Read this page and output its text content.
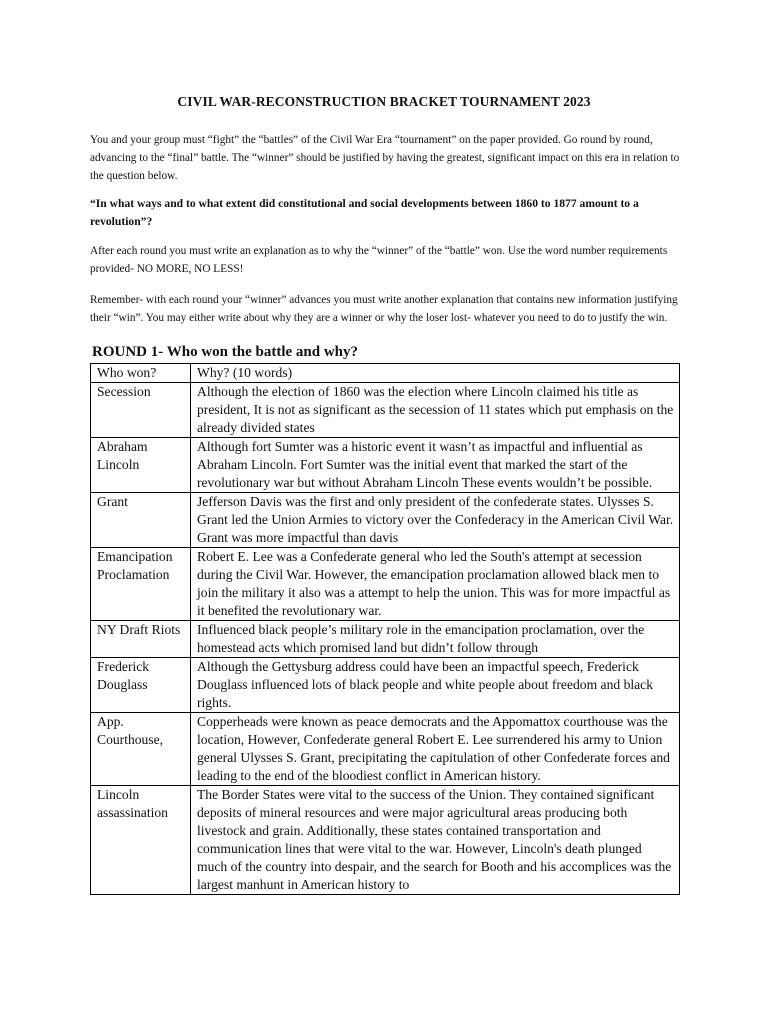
CIVIL WAR-RECONSTRUCTION BRACKET TOURNAMENT 2023

You and your group must “fight” the “battles” of the Civil War Era “tournament” on the paper provided. Go round by round, advancing to the “final” battle. The “winner” should be justified by having the greatest, significant impact on this era in relation to the question below.

“In what ways and to what extent did constitutional and social developments between 1860 to 1877 amount to a revolution”?

After each round you must write an explanation as to why the “winner” of the “battle” won. Use the word number requirements provided- NO MORE, NO LESS!

Remember- with each round your “winner” advances you must write another explanation that contains new information justifying their “win”. You may either write about why they are a winner or why the loser lost- whatever you need to do to justify the win.

ROUND 1- Who won the battle and why?
Who won?	Why? (10 words)
Secession	Although the election of 1860 was the election where Lincoln claimed his title as president, It is not as significant as the secession of 11 states which put emphasis on the already divided states
Abraham Lincoln	Although fort Sumter was a historic event it wasn’t as impactful and influential as Abraham Lincoln. Fort Sumter was the initial event that marked the start of the revolutionary war but without Abraham Lincoln These events wouldn’t be possible.
Grant	Jefferson Davis was the first and only president of the confederate states. Ulysses S. Grant led the Union Armies to victory over the Confederacy in the American Civil War. Grant was more impactful than davis
Emancipation Proclamation	Robert E. Lee was a Confederate general who led the South's attempt at secession during the Civil War. However, the emancipation proclamation allowed black men to join the military it also was a attempt to help the union. This was for more impactful as it benefited the revolutionary war.
NY Draft Riots	Influenced black people’s military role in the emancipation proclamation, over the homestead acts which promised land but didn’t follow through
Frederick Douglass	Although the Gettysburg address could have been an impactful speech, Frederick Douglass influenced lots of black people and white people about freedom and black rights.
App. Courthouse,	Copperheads were known as peace democrats and the Appomattox courthouse was the location, However, Confederate general Robert E. Lee surrendered his army to Union general Ulysses S. Grant, precipitating the capitulation of other Confederate forces and leading to the end of the bloodiest conflict in American history.
Lincoln assassination	The Border States were vital to the success of the Union. They contained significant deposits of mineral resources and were major agricultural areas producing both livestock and grain. Additionally, these states contained transportation and communication lines that were vital to the war. However, Lincoln's death plunged much of the country into despair, and the search for Booth and his accomplices was the largest manhunt in American history to
